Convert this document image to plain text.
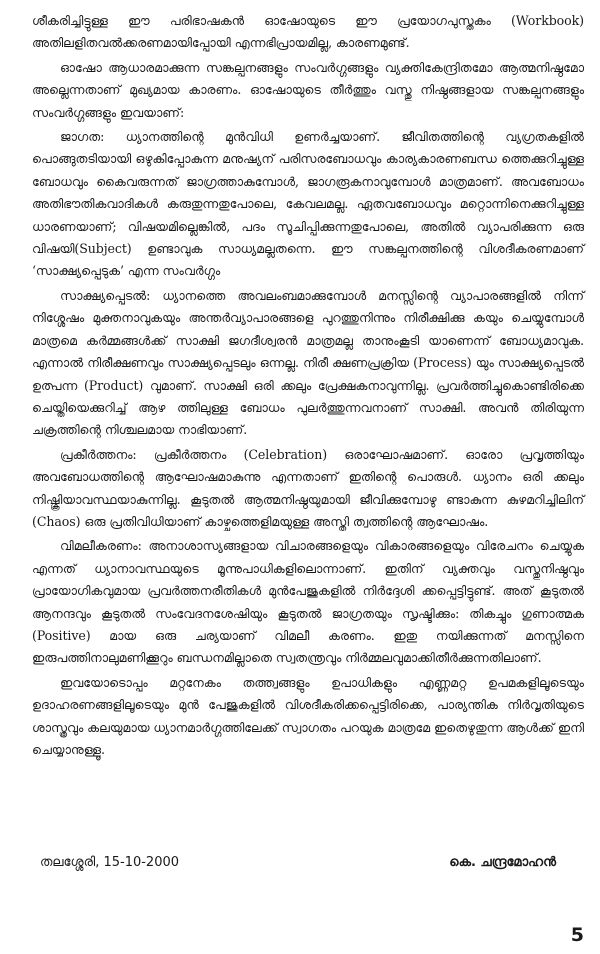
ശീകരിച്ചിട്ടുള്ള ഈ പരിഭാഷകന്‍ ഓഷോയുടെ ഈ പ്രയോഗപുസ്തകം (Workbook) അതിലളിതവല്‍ക്കരണമായിപ്പോയി എന്നഭിപ്രായമില്ല, കാരണമുണ്ട്.

ഓഷോ ആധാരമാക്കുന്ന സങ്കല്പനങ്ങളും സംവര്‍ഗ്ഗങ്ങളും വ്യക്തികേന്ദ്രിതമോ ആത്മനിഷ്ഠമോ അല്ലെന്നതാണ് മുഖ്യമായ കാരണം. ഓഷോയുടെ തീര്‍ത്തും വസ്തു നിഷ്ഠങ്ങളായ സങ്കല്പനങ്ങളും സംവര്‍ഗ്ഗങ്ങളും ഇവയാണ്:

ജാഗത: ധ്യാനത്തിന്റെ മുന്‍വിധി ഉണര്‍ച്ചയാണ്. ജീവിതത്തിന്റെ വ്യഗ്രതകളില്‍ പൊങ്ങുതടിയായി ഒഴുകിപ്പോകുന്ന മനുഷ്യന് പരിസരബോധവും കാര്യകാരണബന്ധ ത്തെക്കുറിച്ചുള്ള ബോധവും കൈവരുന്നത് ജാഗ്രത്താകുമ്പോള്‍, ജാഗരൂകനാവുമ്പോള്‍ മാത്രമാണ്. അവബോധം അതിഭൗതികവാദികള്‍ കരുതുന്നതുപോലെ, കേവലമല്ല. ഏതവബോധവും മറ്റൊന്നിനെക്കുറിച്ചുള്ള ധാരണയാണ്; വിഷയമില്ലെങ്കില്‍, പദം സൂചിപ്പിക്കുന്നതുപോലെ, അതില്‍ വ്യാപരിക്കുന്ന ഒരു വിഷയി(Subject) ഉണ്ടാവുക സാധ്യമല്ലതന്നെ. ഈ സങ്കല്പനത്തിന്റെ വിശദീകരണമാണ് ‘സാക്ഷ്യപ്പെടുക’ എന്ന സംവര്‍ഗ്ഗം

സാക്ഷ്യപ്പെടല്‍: ധ്യാനത്തെ അവലംബമാക്കുമ്പോള്‍ മനസ്സിന്റെ വ്യാപാരങ്ങളില്‍ നിന്ന് നിശ്ശേഷം മുക്തനാവുകയും അന്തര്‍വ്യാപാരങ്ങളെ പുറത്തുനിന്നും നിരീക്ഷിക്കു കയും ചെയ്യുമ്പോള്‍ മാത്രമെ കര്‍മ്മങ്ങള്‍ക്ക് സാക്ഷി ജഗദീശ്വരന്‍ മാത്രമല്ല താനുംകൂടി യാണെന്ന് ബോധ്യമാവുക. എന്നാല്‍ നിരീക്ഷണവും സാക്ഷ്യപ്പെടലും ഒന്നല്ല. നിരീ ക്ഷണപ്രക്രിയ (Process) യും സാക്ഷ്യപ്പെടല്‍ ഉത്പന്ന (Product) വുമാണ്. സാക്ഷി ഒരി ക്കലും പ്രേക്ഷകനാവുന്നില്ല. പ്രവര്‍ത്തിച്ചുകൊണ്ടിരിക്കെ ചെയ്തിയെക്കുറിച്ച് ആഴ ത്തിലുള്ള ബോധം പുലര്‍ത്തുന്നവനാണ് സാക്ഷി. അവന്‍ തിരിയുന്ന ചക്രത്തിന്റെ നിശ്ചലമായ നാഭിയാണ്.

പ്രകീര്‍ത്തനം: പ്രകീര്‍ത്തനം (Celebration) ഒരാഘോഷമാണ്. ഓരോ പ്രവൃത്തിയും അവബോധത്തിന്റെ ആഘോഷമാകുന്നു എന്നതാണ് ഇതിന്റെ പൊരുള്‍. ധ്യാനം ഒരി ക്കലും നിഷ്ക്രിയാവസ്ഥയാകുന്നില്ല. കൂടുതല്‍ ആത്മനിഷ്ഠയുമായി ജീവിക്കുമ്പോഴു ണ്ടാകുന്ന കുഴമറിച്ചിലിന് (Chaos) ഒരു പ്രതിവിധിയാണ് കാഴ്ചത്തെളിമയുള്ള അസ്തി ത്വത്തിന്റെ ആഘോഷം.

വിമലീകരണം: അനാശാസ്യങ്ങളായ വിചാരങ്ങളെയും വികാരങ്ങളെയും വിരേചനം ചെയ്യുക എന്നത് ധ്യാനാവസ്ഥയുടെ മൂന്നുപാധികളിലൊന്നാണ്. ഇതിന് വ്യക്തവും വസ്തുനിഷ്ഠവും പ്രായോഗികവുമായ പ്രവര്‍ത്തനരീതികള്‍ മുന്‍പേജുകളില്‍ നിര്‍ദ്ദേശി ക്കപ്പെട്ടിട്ടുണ്ട്. അത് കൂടുതല്‍ ആനന്ദവും കൂടുതല്‍ സംവേദനശേഷിയും കൂടുതല്‍ ജാഗ്രതയും സൃഷ്ടിക്കും: തികച്ചും ഗുണാത്മക (Positive) മായ ഒരു ചര്യയാണ് വിമലീ കരണം. ഇതു നയിക്കുന്നത് മനസ്സിനെ ഇരുപത്തിനാലുമണിക്കൂറും ബന്ധനമില്ലാതെ സ്വതന്ത്രവും നിര്‍മ്മലവുമാക്കിതീര്‍ക്കുന്നതിലാണ്.

ഇവയോടൊപ്പം മറ്റനേകം തത്ത്വങ്ങളും ഉപാധികളും എണ്ണമറ്റ ഉപമകളിലൂടെയും ഉദാഹരണങ്ങളിലൂടെയും മുന്‍ പേജുകളില്‍ വിശദീകരിക്കപ്പെട്ടിരിക്കെ, പാര്യന്തിക നിര്‍വൃതിയുടെ ശാസ്ത്രവും കലയുമായ ധ്യാനമാര്‍ഗ്ഗത്തിലേക്ക് സ്വാഗതം പറയുക മാത്രമേ ഇതെഴുതുന്ന ആള്‍ക്ക് ഇനി ചെയ്യാനുള്ളൂ.

തലശ്ശേരി, 15-10-2000	കെ. ചന്ദ്രമോഹന്‍
5
